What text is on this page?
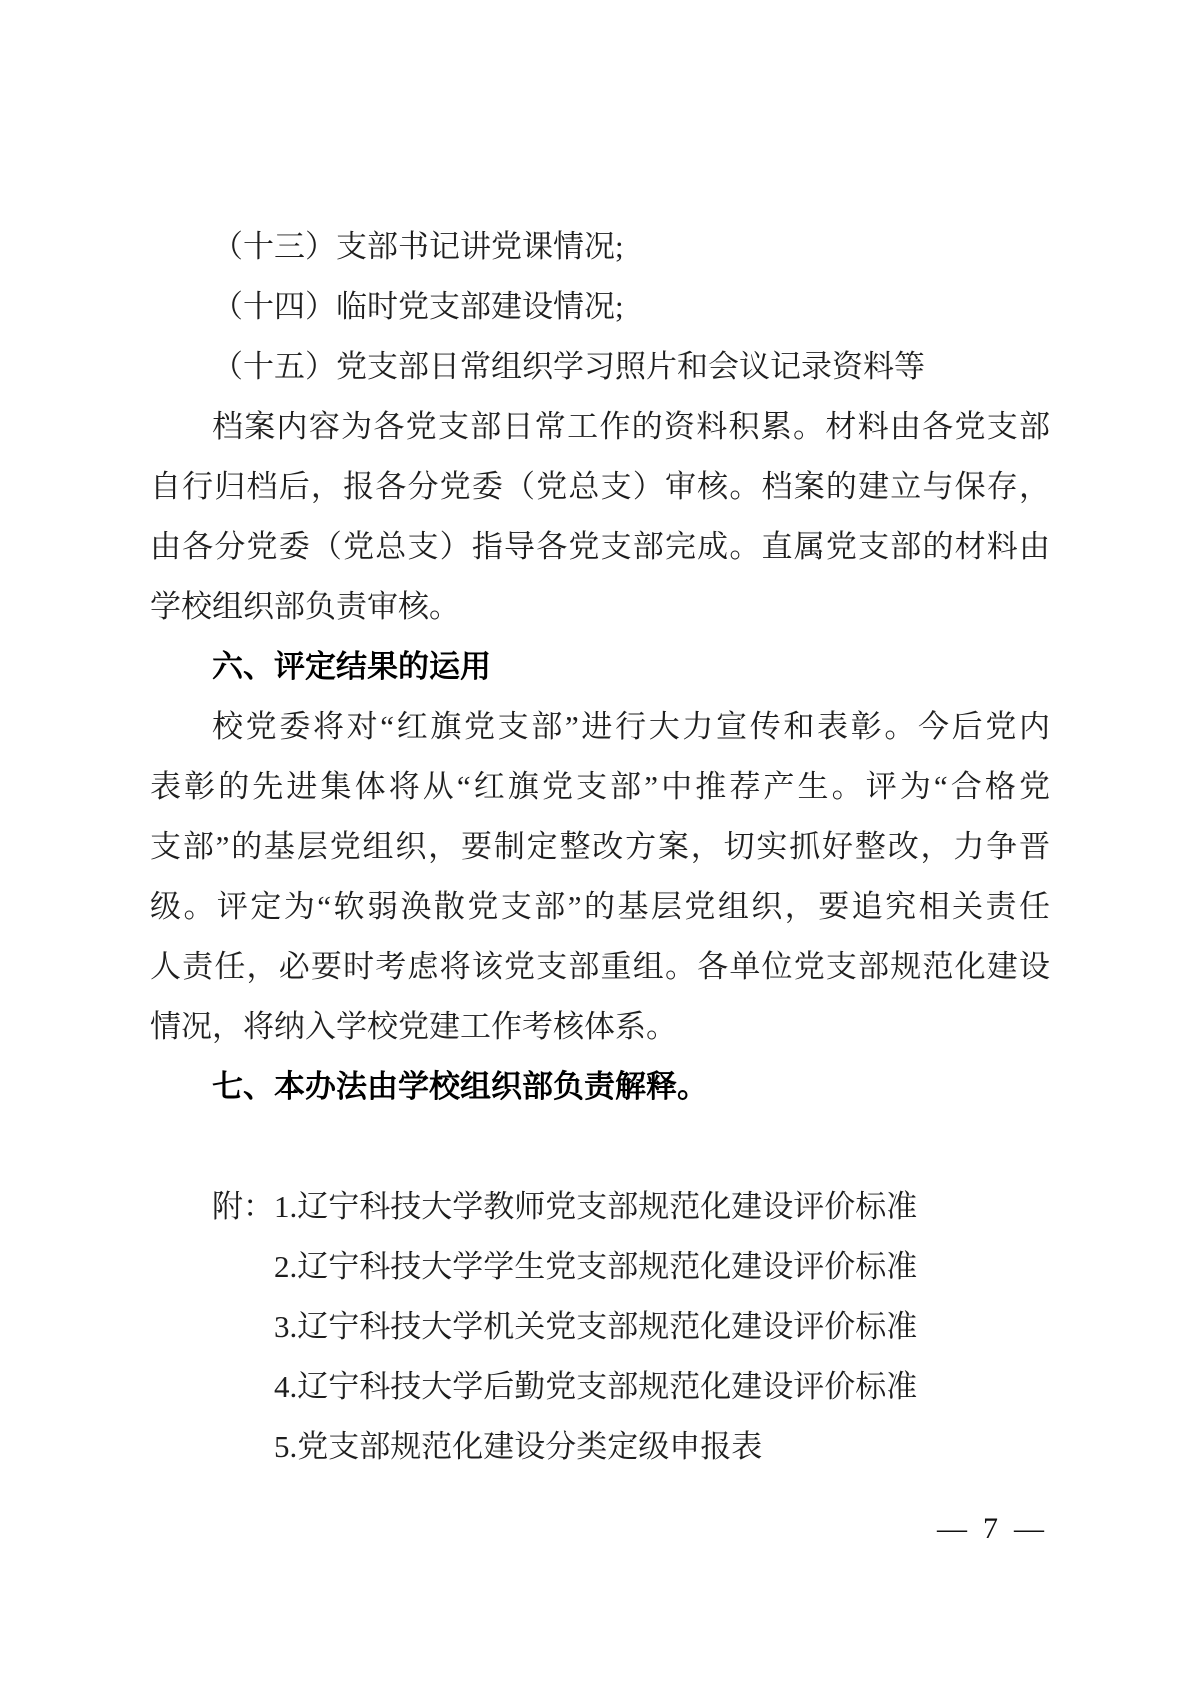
（十三）支部书记讲党课情况;
（十四）临时党支部建设情况;
（十五）党支部日常组织学习照片和会议记录资料等
档案内容为各党支部日常工作的资料积累。材料由各党支部
自行归档后，报各分党委（党总支）审核。档案的建立与保存，
由各分党委（党总支）指导各党支部完成。直属党支部的材料由
学校组织部负责审核。
六、评定结果的运用
校党委将对“红旗党支部”进行大力宣传和表彰。今后党内
表彰的先进集体将从“红旗党支部”中推荐产生。评为“合格党
支部”的基层党组织，要制定整改方案，切实抓好整改，力争晋
级。评定为“软弱涣散党支部”的基层党组织，要追究相关责任
人责任，必要时考虑将该党支部重组。各单位党支部规范化建设
情况，将纳入学校党建工作考核体系。
七、本办法由学校组织部负责解释。
附：1.辽宁科技大学教师党支部规范化建设评价标准
2.辽宁科技大学学生党支部规范化建设评价标准
3.辽宁科技大学机关党支部规范化建设评价标准
4.辽宁科技大学后勤党支部规范化建设评价标准
5.党支部规范化建设分类定级申报表
— 7 —
